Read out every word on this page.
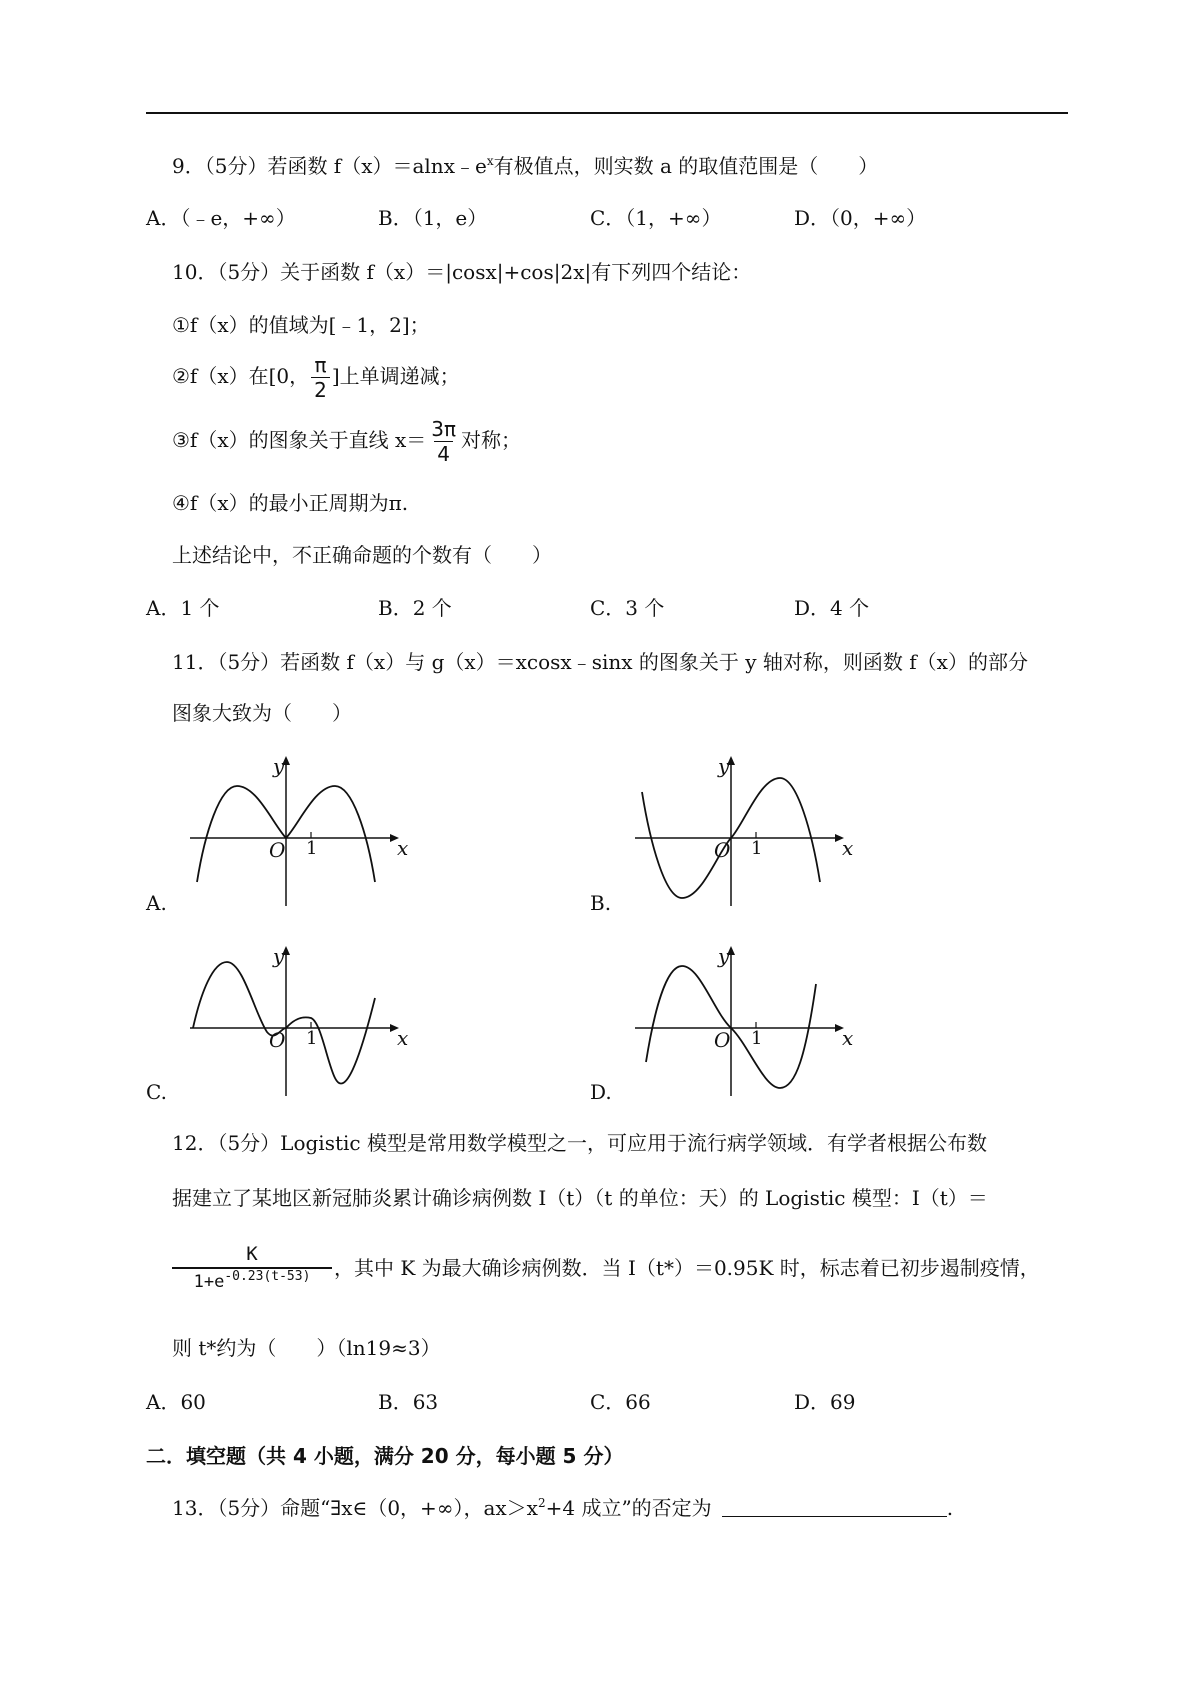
9．（5分）若函数 $f(x)=alnx﹣e^x$有极值点，则实数 a 的取值范围是（　　）
A．（﹣e，+∞）	B．（1，e）	C．（1，+∞）	D．（0，+∞）
10．（5分）关于函数 f（x）＝|cosx|+cos|2x|有下列四个结论：
①f（x）的值域为[﹣1，2]；
②f（x）在[0， $\frac{\pi}{2}$ ]上单调递减；
③f（x）的图象关于直线 $x= \frac{3\pi}{4}$ 对称；
④f（x）的最小正周期为π.
上述结论中，不正确命题的个数有（　　）
A．1 个	B．2 个	C．3 个	D．4 个
11．（5分）若函数 f（x）与 g（x）＝xcosx﹣sinx 的图象关于 y 轴对称，则函数 f（x）的部分
图象大致为（　　）
A.	B.
C.	D.
y
x
O 1
y
x
O 1
y
x
O 1
y
x
O 1
12．（5分）Logistic 模型是常用数学模型之一，可应用于流行病学领域．有学者根据公布数
据建立了某地区新冠肺炎累计确诊病例数 I（t）（t 的单位：天）的 Logistic 模型：I（t）＝
K
$1+e^{-0.23(t-53)}$	，其中 K 为最大确诊病例数．当 I（t*）＝0.95K 时，标志着已初步遏制疫情，
则 t*约为（　　）（ln19≈3）
A．60	B．63	C．66	D．69
二．填空题（共 4 小题，满分 20 分，每小题 5 分）
13．（5分）命题“∃x∈（0，+∞），$ax>x^2+4$ 成立”的否定为	.
